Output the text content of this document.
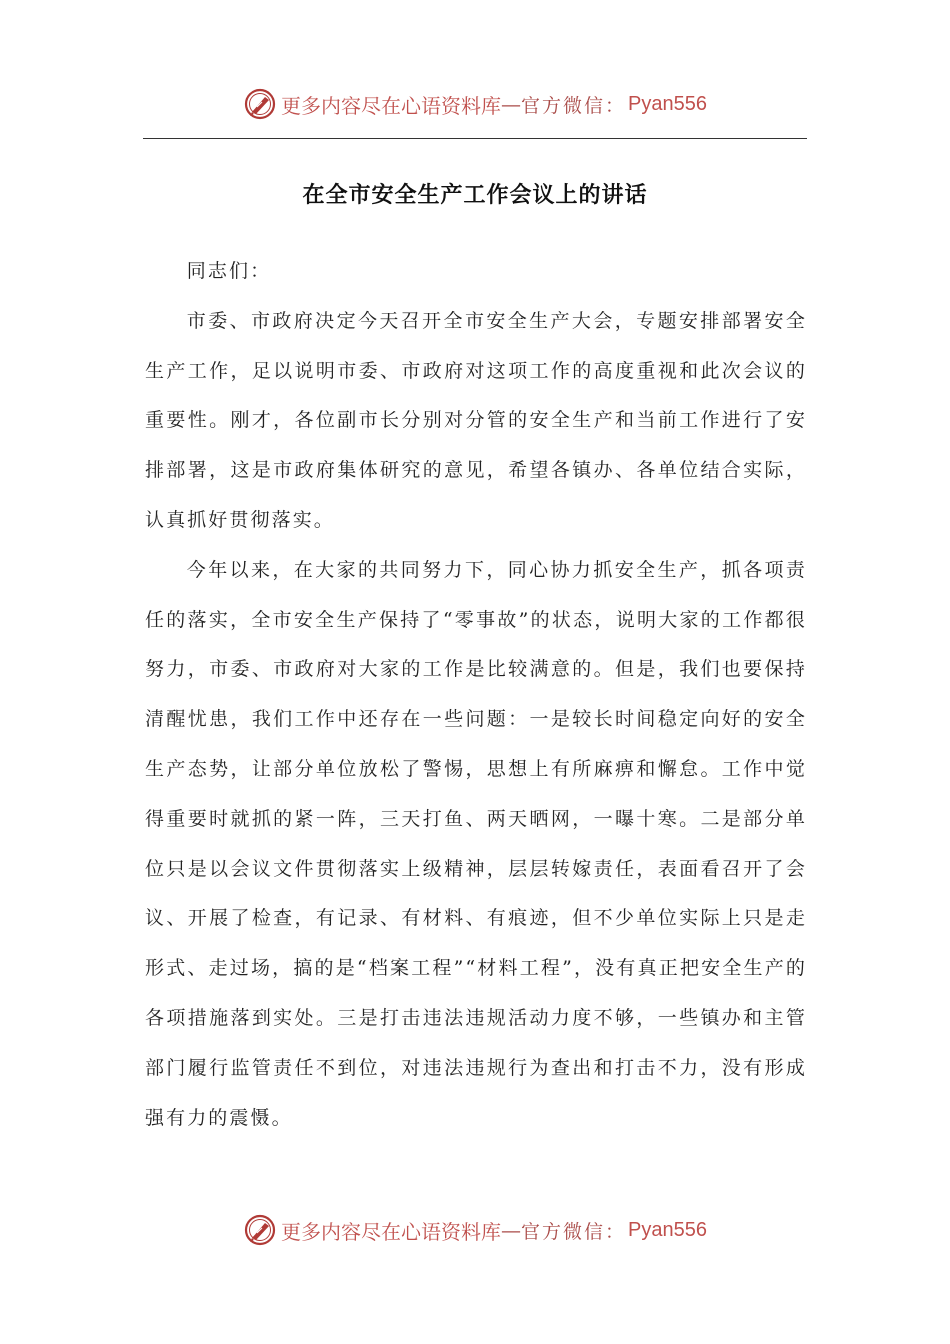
更多内容尽在心语资料库 — 官方微信： Pyan556
在全市安全生产工作会议上的讲话

同志们：

市委、市政府决定今天召开全市安全生产大会，专题安排部署安全生产工作，足以说明市委、市政府对这项工作的高度重视和此次会议的重要性。刚才，各位副市长分别对分管的安全生产和当前工作进行了安排部署，这是市政府集体研究的意见，希望各镇办、各单位结合实际，认真抓好贯彻落实。

今年以来，在大家的共同努力下，同心协力抓安全生产，抓各项责任的落实，全市安全生产保持了“零事故”的状态，说明大家的工作都很努力，市委、市政府对大家的工作是比较满意的。但是，我们也要保持清醒忧患，我们工作中还存在一些问题：一是较长时间稳定向好的安全生产态势，让部分单位放松了警惕，思想上有所麻痹和懈怠。工作中觉得重要时就抓的紧一阵，三天打鱼、两天晒网，一曝十寒。二是部分单位只是以会议文件贯彻落实上级精神，层层转嫁责任，表面看召开了会议、开展了检查，有记录、有材料、有痕迹，但不少单位实际上只是走形式、走过场，搞的是“档案工程”“材料工程”，没有真正把安全生产的各项措施落到实处。三是打击违法违规活动力度不够，一些镇办和主管部门履行监管责任不到位，对违法违规行为查出和打击不力，没有形成强有力的震慑。

更多内容尽在心语资料库 — 官方微信： Pyan556
